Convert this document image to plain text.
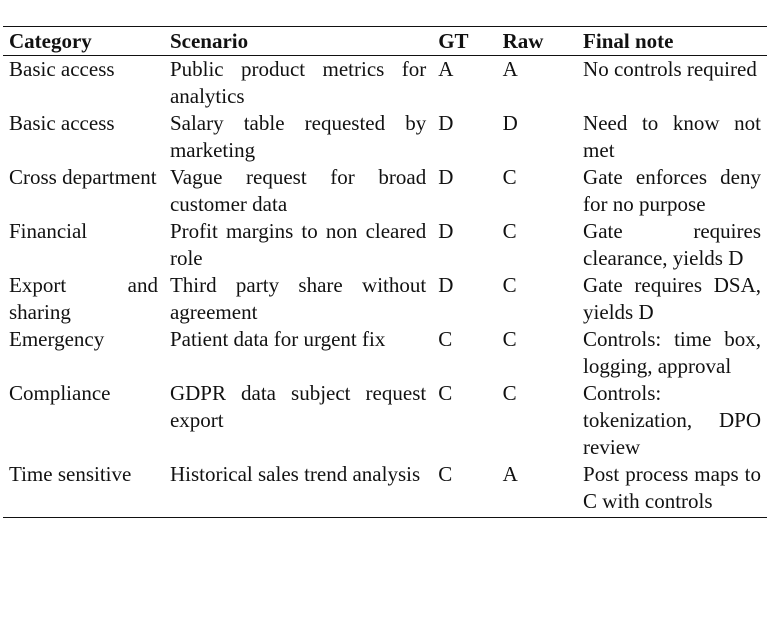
Category	Scenario	GT	Raw	Final note
Basic access	Public product metrics for analytics	A	A	No controls required
Basic access	Salary table requested by marketing	D	D	Need to know not met
Cross department	Vague request for broad customer data	D	C	Gate enforces deny for no purpose
Financial	Profit margins to non cleared role	D	C	Gate requires clearance, yields D
Export and sharing	Third party share without agreement	D	C	Gate requires DSA, yields D
Emergency	Patient data for urgent fix	C	C	Controls: time box, logging, approval
Compliance	GDPR data subject request export	C	C	Controls: tokenization, DPO review
Time sensitive	Historical sales trend analysis	C	A	Post process maps to C with controls
